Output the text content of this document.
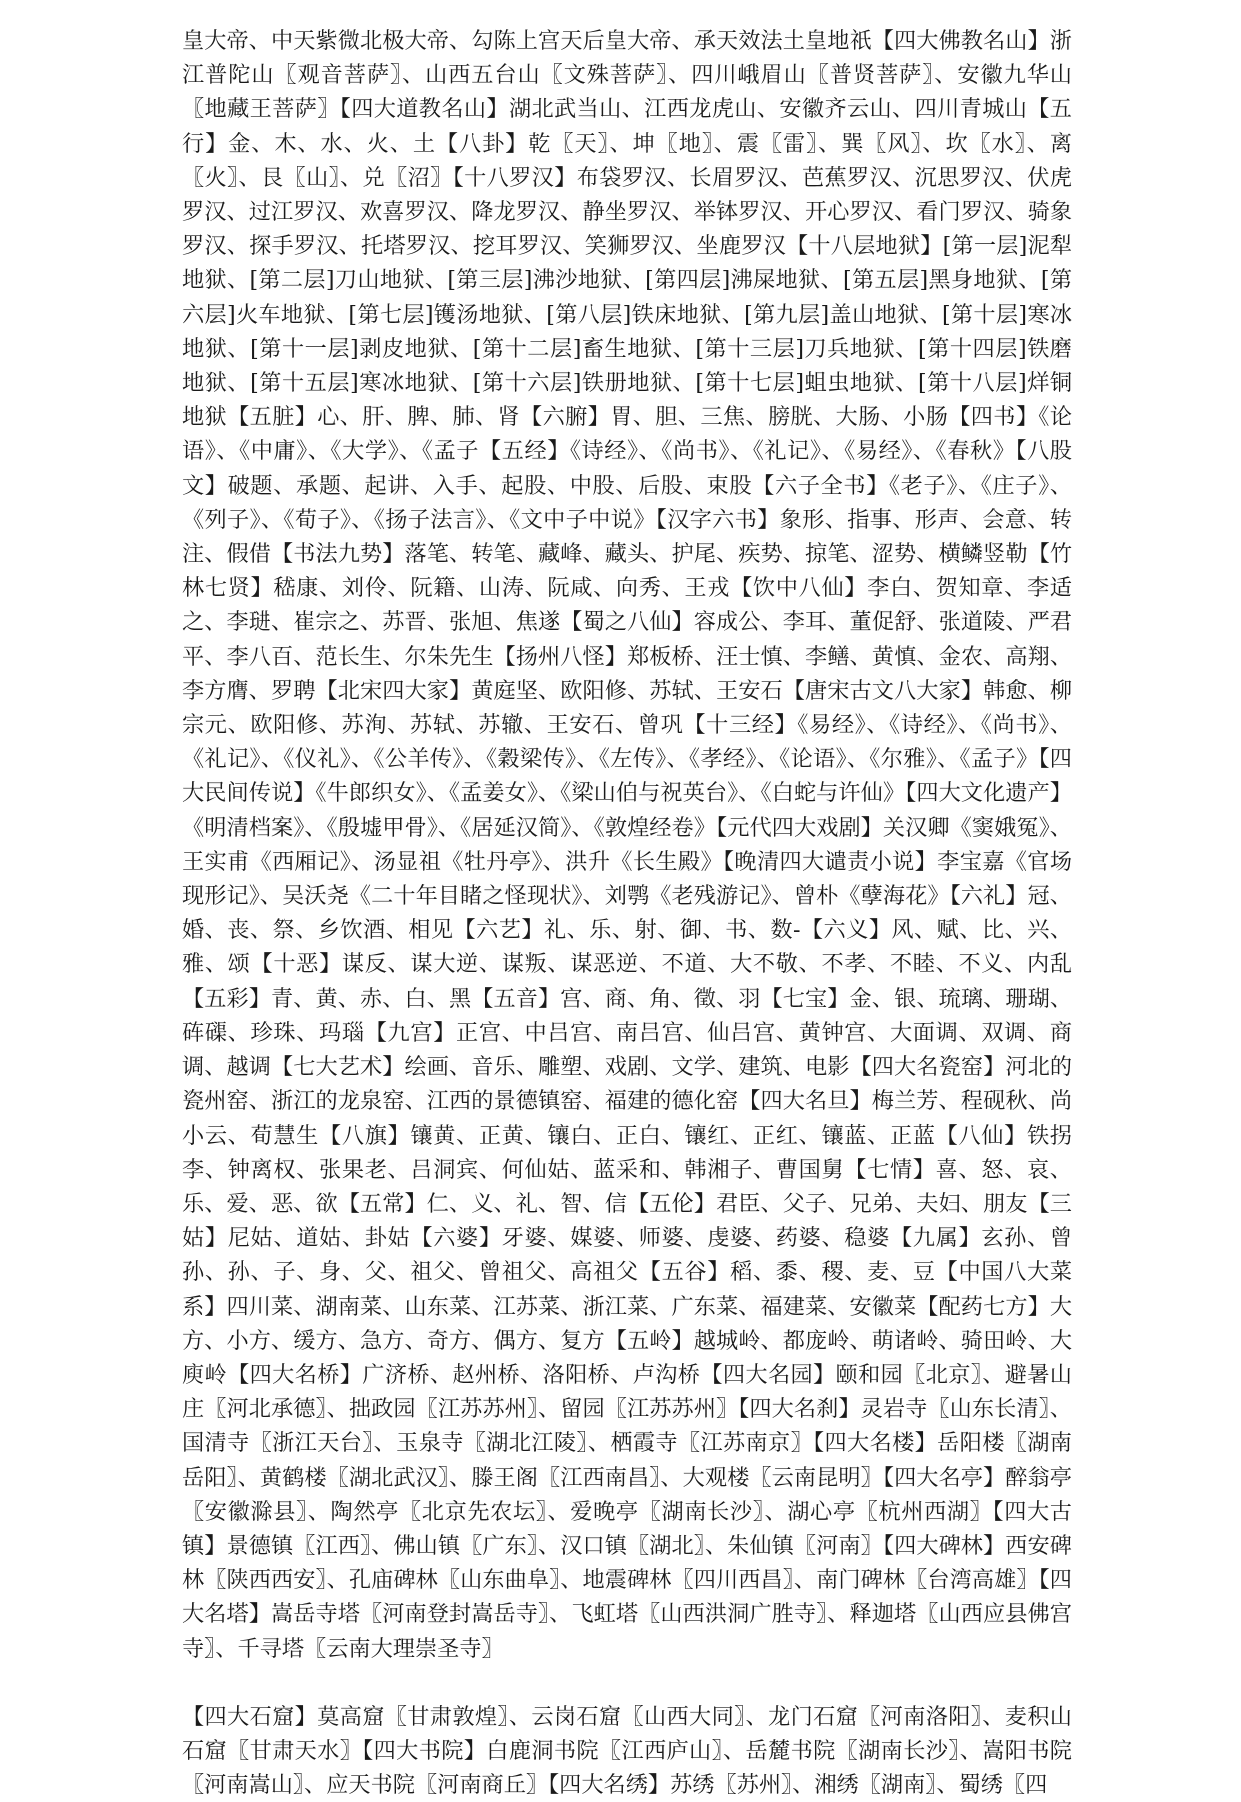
皇大帝、中天紫微北极大帝、勾陈上宫天后皇大帝、承天效法土皇地祇【四大佛教名山】浙江普陀山〖观音菩萨〗、山西五台山〖文殊菩萨〗、四川峨眉山〖普贤菩萨〗、安徽九华山〖地藏王菩萨〗【四大道教名山】湖北武当山、江西龙虎山、安徽齐云山、四川青城山【五行】金、木、水、火、土【八卦】乾〖天〗、坤〖地〗、震〖雷〗、巽〖风〗、坎〖水〗、离〖火〗、艮〖山〗、兑〖沼〗【十八罗汉】布袋罗汉、长眉罗汉、芭蕉罗汉、沉思罗汉、伏虎罗汉、过江罗汉、欢喜罗汉、降龙罗汉、静坐罗汉、举钵罗汉、开心罗汉、看门罗汉、骑象罗汉、探手罗汉、托塔罗汉、挖耳罗汉、笑狮罗汉、坐鹿罗汉【十八层地狱】[第一层]泥犁地狱、[第二层]刀山地狱、[第三层]沸沙地狱、[第四层]沸屎地狱、[第五层]黑身地狱、[第六层]火车地狱、[第七层]镬汤地狱、[第八层]铁床地狱、[第九层]盖山地狱、[第十层]寒冰地狱、[第十一层]剥皮地狱、[第十二层]畜生地狱、[第十三层]刀兵地狱、[第十四层]铁磨地狱、[第十五层]寒冰地狱、[第十六层]铁册地狱、[第十七层]蛆虫地狱、[第十八层]烊铜地狱【五脏】心、肝、脾、肺、肾【六腑】胃、胆、三焦、膀胱、大肠、小肠【四书】《论语》、《中庸》、《大学》、《孟子【五经】《诗经》、《尚书》、《礼记》、《易经》、《春秋》【八股文】破题、承题、起讲、入手、起股、中股、后股、束股【六子全书】《老子》、《庄子》、《列子》、《荀子》、《扬子法言》、《文中子中说》【汉字六书】象形、指事、形声、会意、转注、假借【书法九势】落笔、转笔、藏峰、藏头、护尾、疾势、掠笔、涩势、横鳞竖勒【竹林七贤】嵇康、刘伶、阮籍、山涛、阮咸、向秀、王戎【饮中八仙】李白、贺知章、李适之、李琎、崔宗之、苏晋、张旭、焦遂【蜀之八仙】容成公、李耳、董促舒、张道陵、严君平、李八百、范长生、尔朱先生【扬州八怪】郑板桥、汪士慎、李鳝、黄慎、金农、高翔、李方膺、罗聘【北宋四大家】黄庭坚、欧阳修、苏轼、王安石【唐宋古文八大家】韩愈、柳宗元、欧阳修、苏洵、苏轼、苏辙、王安石、曾巩【十三经】《易经》、《诗经》、《尚书》、《礼记》、《仪礼》、《公羊传》、《穀梁传》、《左传》、《孝经》、《论语》、《尔雅》、《孟子》【四大民间传说】《牛郎织女》、《孟姜女》、《梁山伯与祝英台》、《白蛇与许仙》【四大文化遗产】《明清档案》、《殷墟甲骨》、《居延汉简》、《敦煌经卷》【元代四大戏剧】关汉卿《窦娥冤》、王实甫《西厢记》、汤显祖《牡丹亭》、洪升《长生殿》【晚清四大谴责小说】李宝嘉《官场现形记》、吴沃尧《二十年目睹之怪现状》、刘鹗《老残游记》、曾朴《孽海花》【六礼】冠、婚、丧、祭、乡饮酒、相见【六艺】礼、乐、射、御、书、数-【六义】风、赋、比、兴、雅、颂【十恶】谋反、谋大逆、谋叛、谋恶逆、不道、大不敬、不孝、不睦、不义、内乱【五彩】青、黄、赤、白、黑【五音】宫、商、角、徵、羽【七宝】金、银、琉璃、珊瑚、砗磲、珍珠、玛瑙【九宫】正宫、中吕宫、南吕宫、仙吕宫、黄钟宫、大面调、双调、商调、越调【七大艺术】绘画、音乐、雕塑、戏剧、文学、建筑、电影【四大名瓷窑】河北的瓷州窑、浙江的龙泉窑、江西的景德镇窑、福建的德化窑【四大名旦】梅兰芳、程砚秋、尚小云、荀慧生【八旗】镶黄、正黄、镶白、正白、镶红、正红、镶蓝、正蓝【八仙】铁拐李、钟离权、张果老、吕洞宾、何仙姑、蓝采和、韩湘子、曹国舅【七情】喜、怒、哀、乐、爱、恶、欲【五常】仁、义、礼、智、信【五伦】君臣、父子、兄弟、夫妇、朋友【三姑】尼姑、道姑、卦姑【六婆】牙婆、媒婆、师婆、虔婆、药婆、稳婆【九属】玄孙、曾孙、孙、子、身、父、祖父、曾祖父、高祖父【五谷】稻、黍、稷、麦、豆【中国八大菜系】四川菜、湖南菜、山东菜、江苏菜、浙江菜、广东菜、福建菜、安徽菜【配药七方】大方、小方、缓方、急方、奇方、偶方、复方【五岭】越城岭、都庞岭、萌诸岭、骑田岭、大庾岭【四大名桥】广济桥、赵州桥、洛阳桥、卢沟桥【四大名园】颐和园〖北京〗、避暑山庄〖河北承德〗、拙政园〖江苏苏州〗、留园〖江苏苏州〗【四大名刹】灵岩寺〖山东长清〗、国清寺〖浙江天台〗、玉泉寺〖湖北江陵〗、栖霞寺〖江苏南京〗【四大名楼】岳阳楼〖湖南岳阳〗、黄鹤楼〖湖北武汉〗、滕王阁〖江西南昌〗、大观楼〖云南昆明〗【四大名亭】醉翁亭〖安徽滁县〗、陶然亭〖北京先农坛〗、爱晚亭〖湖南长沙〗、湖心亭〖杭州西湖〗【四大古镇】景德镇〖江西〗、佛山镇〖广东〗、汉口镇〖湖北〗、朱仙镇〖河南〗【四大碑林】西安碑林〖陕西西安〗、孔庙碑林〖山东曲阜〗、地震碑林〖四川西昌〗、南门碑林〖台湾高雄〗【四大名塔】嵩岳寺塔〖河南登封嵩岳寺〗、飞虹塔〖山西洪洞广胜寺〗、释迦塔〖山西应县佛宫寺〗、千寻塔〖云南大理崇圣寺〗
【四大石窟】莫高窟〖甘肃敦煌〗、云岗石窟〖山西大同〗、龙门石窟〖河南洛阳〗、麦积山石窟〖甘肃天水〗【四大书院】白鹿洞书院〖江西庐山〗、岳麓书院〖湖南长沙〗、嵩阳书院〖河南嵩山〗、应天书院〖河南商丘〗【四大名绣】苏绣〖苏州〗、湘绣〖湖南〗、蜀绣〖四
